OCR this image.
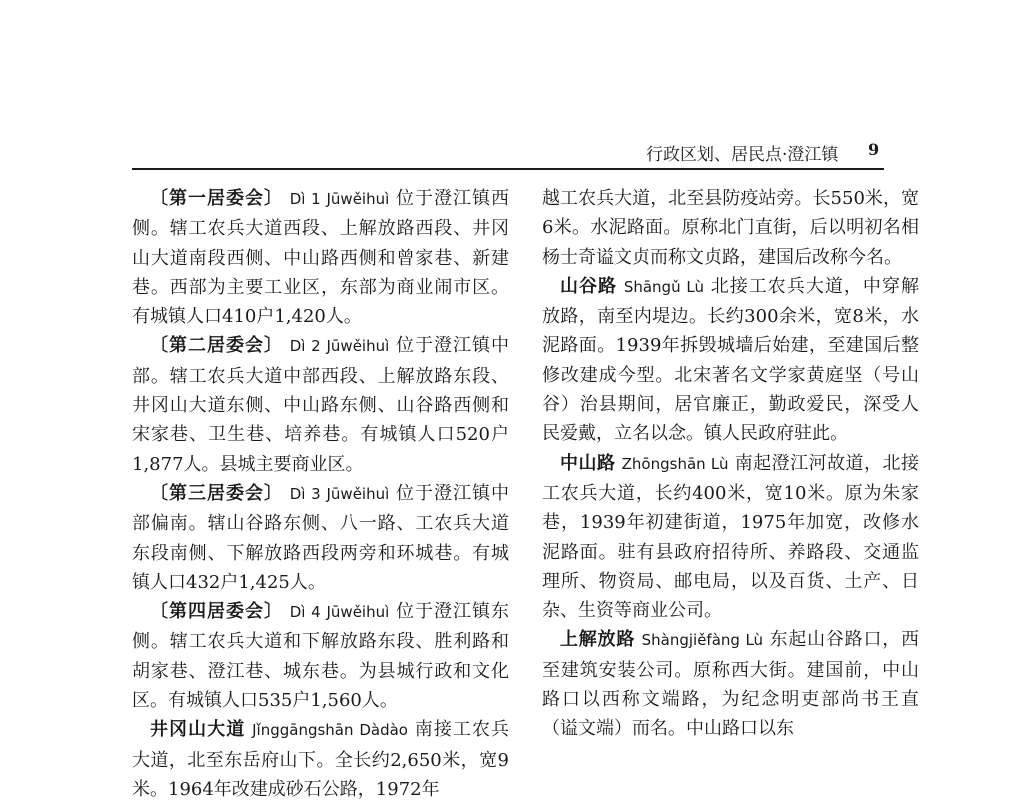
行政区划、居民点·澄江镇 9

〔第一居委会〕 Dì 1 Jūwěihuì 位于澄江镇西侧。辖工农兵大道西段、上解放路西段、井冈山大道南段西侧、中山路西侧和曾家巷、新建巷。西部为主要工业区，东部为商业闹市区。有城镇人口410户1,420人。

〔第二居委会〕 Dì 2 Jūwěihuì 位于澄江镇中部。辖工农兵大道中部西段、上解放路东段、井冈山大道东侧、中山路东侧、山谷路西侧和宋家巷、卫生巷、培养巷。有城镇人口520户1,877人。县城主要商业区。

〔第三居委会〕 Dì 3 Jūwěihuì 位于澄江镇中部偏南。辖山谷路东侧、八一路、工农兵大道东段南侧、下解放路西段两旁和环城巷。有城镇人口432户1,425人。

〔第四居委会〕 Dì 4 Jūwěihuì 位于澄江镇东侧。辖工农兵大道和下解放路东段、胜利路和胡家巷、澄江巷、城东巷。为县城行政和文化区。有城镇人口535户1,560人。

井冈山大道 Jǐnggāngshān Dàdào 南接工农兵大道，北至东岳府山下。全长约2,650米，宽9米。1964年改建成砂石公路，1972年

越工农兵大道，北至县防疫站旁。长550米，宽6米。水泥路面。原称北门直街，后以明初名相杨士奇谥文贞而称文贞路，建国后改称今名。

山谷路 Shāngǔ Lù 北接工农兵大道，中穿解放路，南至内堤边。长约300余米，宽8米，水泥路面。1939年拆毁城墙后始建，至建国后整修改建成今型。北宋著名文学家黄庭坚（号山谷）治县期间，居官廉正，勤政爱民，深受人民爱戴，立名以念。镇人民政府驻此。

中山路 Zhōngshān Lù 南起澄江河故道，北接工农兵大道，长约400米，宽10米。原为朱家巷，1939年初建街道，1975年加宽，改修水泥路面。驻有县政府招待所、养路段、交通监理所、物资局、邮电局，以及百货、土产、日杂、生资等商业公司。

上解放路 Shàngjiěfàng Lù 东起山谷路口，西至建筑安装公司。原称西大街。建国前，中山路口以西称文端路，为纪念明吏部尚书王直（谥文端）而名。中山路口以东
